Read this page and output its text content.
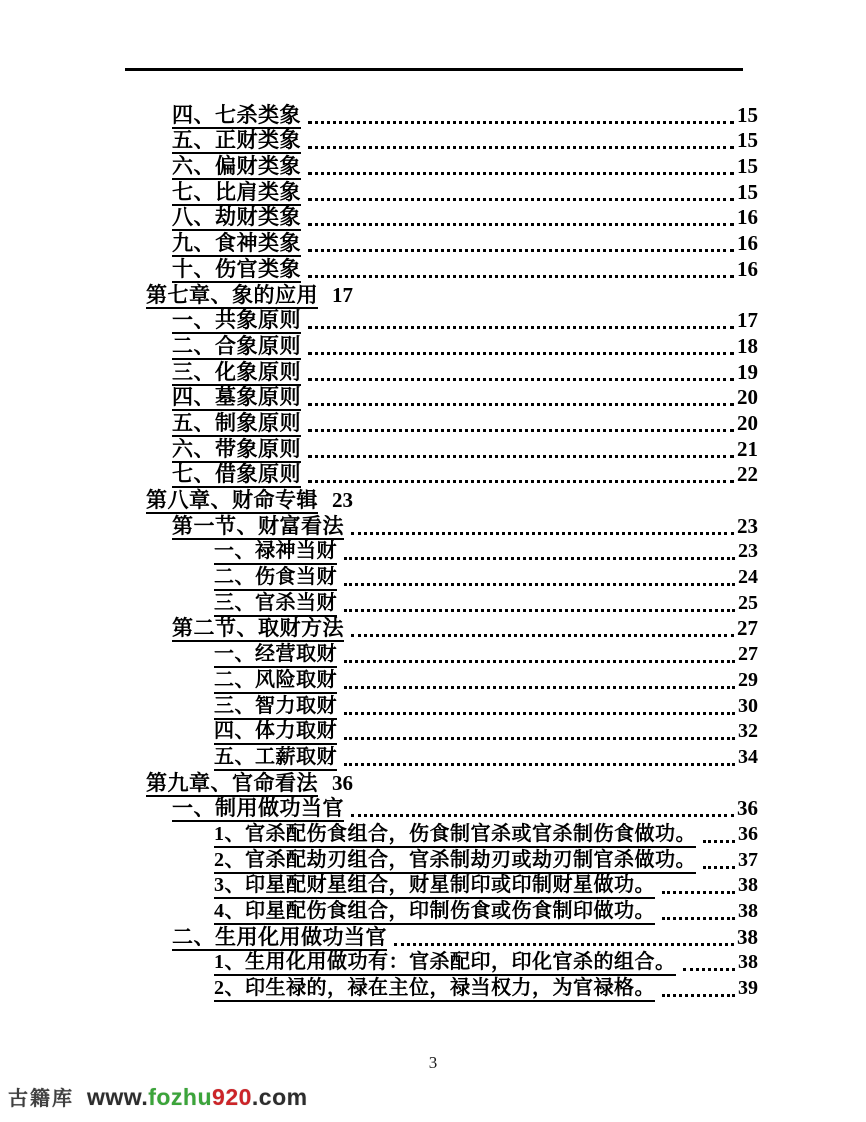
四、七杀类象	15
五、正财类象	15
六、偏财类象	15
七、比肩类象	15
八、劫财类象	16
九、食神类象	16
十、伤官类象	16
第七章、象的应用 17
一、共象原则	17
二、合象原则	18
三、化象原则	19
四、墓象原则	20
五、制象原则	20
六、带象原则	21
七、借象原则	22
第八章、财命专辑 23
第一节、财富看法	23
一、禄神当财	23
二、伤食当财	24
三、官杀当财	25
第二节、取财方法	27
一、经营取财	27
二、风险取财	29
三、智力取财	30
四、体力取财	32
五、工薪取财	34
第九章、官命看法 36
一、制用做功当官	36
1、官杀配伤食组合，伤食制官杀或官杀制伤食做功。 36
2、官杀配劫刃组合，官杀制劫刃或劫刃制官杀做功。 37
3、印星配财星组合，财星制印或印制财星做功。	38
4、印星配伤食组合，印制伤食或伤食制印做功。	38
二、生用化用做功当官	38
1、生用化用做功有：官杀配印，印化官杀的组合。	38
2、印生禄的，禄在主位，禄当权力，为官禄格。	39
3
古籍库 www.fozhu920.com
